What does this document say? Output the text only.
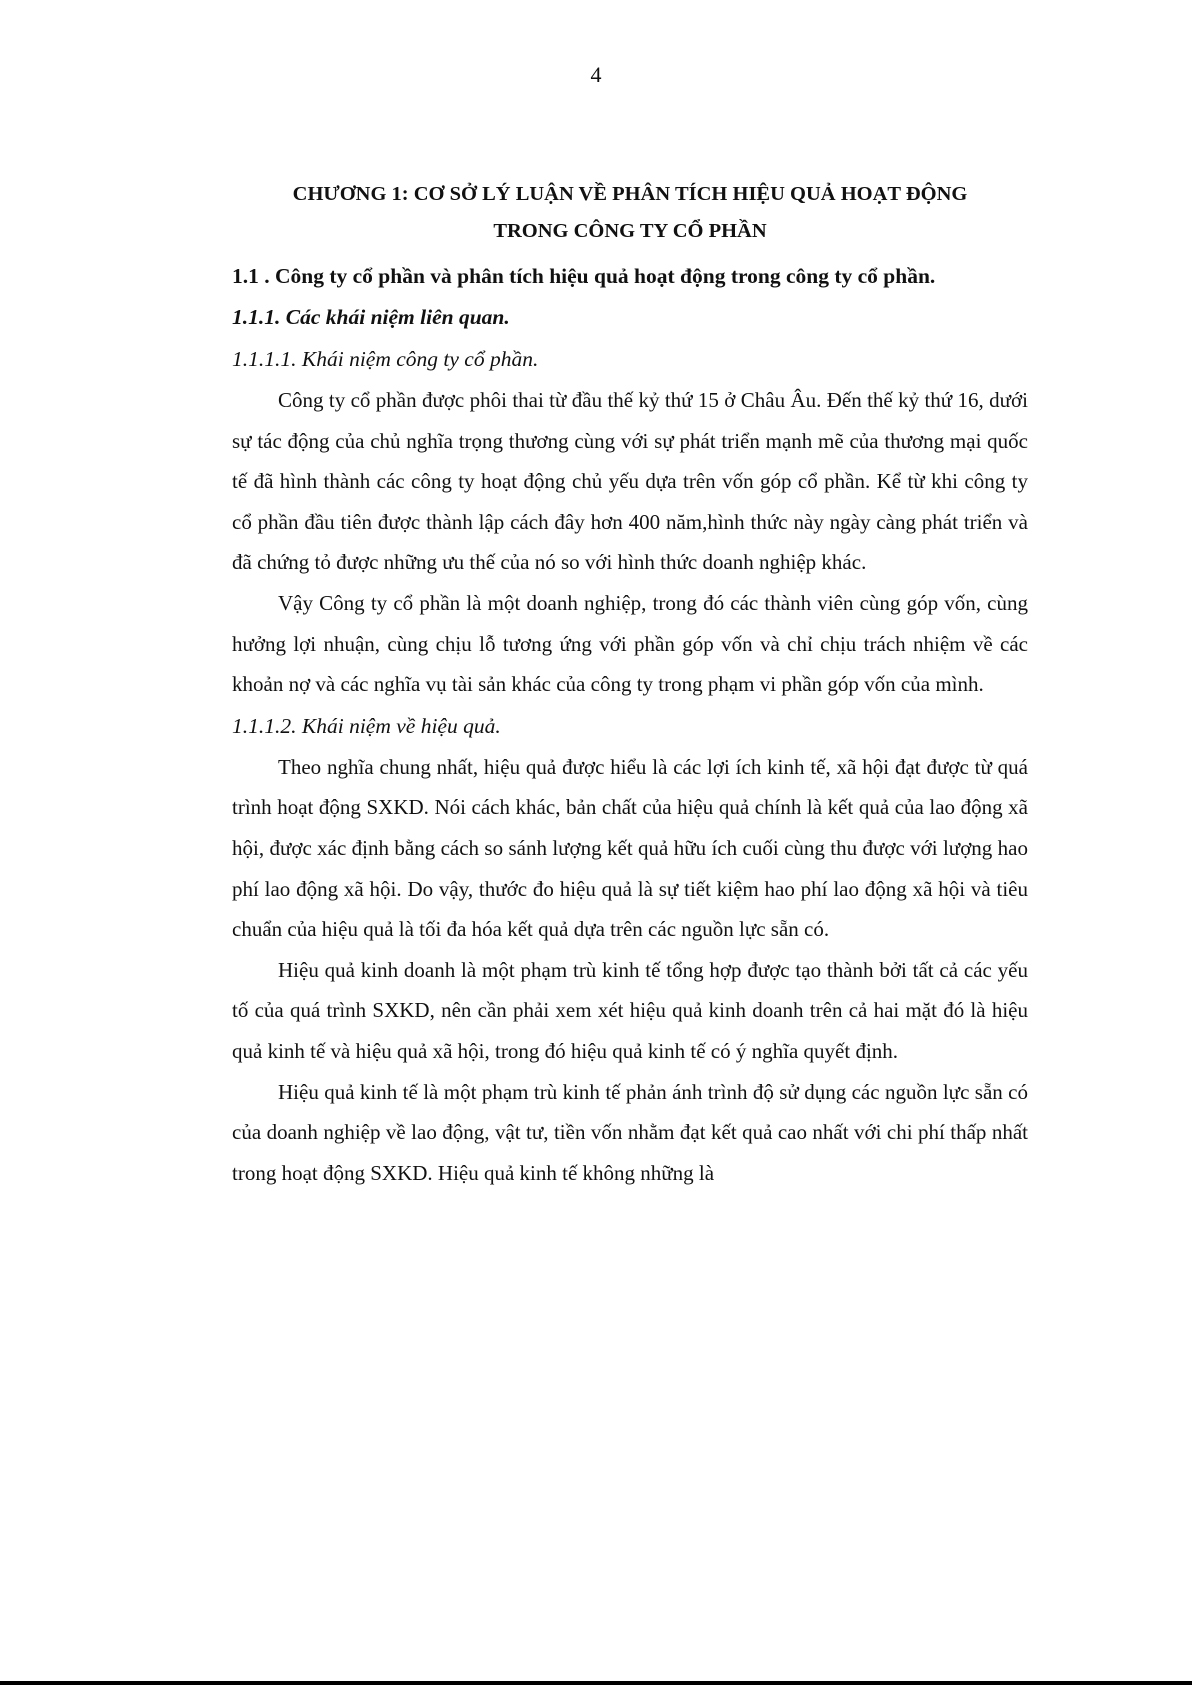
4
CHƯƠNG 1: CƠ SỞ LÝ LUẬN VỀ PHÂN TÍCH HIỆU QUẢ HOẠT ĐỘNG
TRONG CÔNG TY CỔ PHẦN

1.1 . Công ty cổ phần và phân tích hiệu quả hoạt động trong công ty cổ phần.

1.1.1. Các khái niệm liên quan.

1.1.1.1. Khái niệm công ty cổ phần.

Công ty cổ phần được phôi thai từ đầu thế kỷ thứ 15 ở Châu Âu. Đến thế kỷ thứ 16, dưới sự tác động của chủ nghĩa trọng thương cùng với sự phát triển mạnh mẽ của thương mại quốc tế đã hình thành các công ty hoạt động chủ yếu dựa trên vốn góp cổ phần. Kể từ khi công ty cổ phần đầu tiên được thành lập cách đây hơn 400 năm,hình thức này ngày càng phát triển và đã chứng tỏ được những ưu thế của nó so với hình thức doanh nghiệp khác.

Vậy Công ty cổ phần là một doanh nghiệp, trong đó các thành viên cùng góp vốn, cùng hưởng lợi nhuận, cùng chịu lỗ tương ứng với phần góp vốn và chỉ chịu trách nhiệm về các khoản nợ và các nghĩa vụ tài sản khác của công ty trong phạm vi phần góp vốn của mình.

1.1.1.2. Khái niệm về hiệu quả.

Theo nghĩa chung nhất, hiệu quả được hiểu là các lợi ích kinh tế, xã hội đạt được từ quá trình hoạt động SXKD. Nói cách khác, bản chất của hiệu quả chính là kết quả của lao động xã hội, được xác định bằng cách so sánh lượng kết quả hữu ích cuối cùng thu được với lượng hao phí lao động xã hội. Do vậy, thước đo hiệu quả là sự tiết kiệm hao phí lao động xã hội và tiêu chuẩn của hiệu quả là tối đa hóa kết quả dựa trên các nguồn lực sẵn có.

Hiệu quả kinh doanh là một phạm trù kinh tế tổng hợp được tạo thành bởi tất cả các yếu tố của quá trình SXKD, nên cần phải xem xét hiệu quả kinh doanh trên cả hai mặt đó là hiệu quả kinh tế và hiệu quả xã hội, trong đó hiệu quả kinh tế có ý nghĩa quyết định.

Hiệu quả kinh tế là một phạm trù kinh tế phản ánh trình độ sử dụng các nguồn lực sẵn có của doanh nghiệp về lao động, vật tư, tiền vốn nhằm đạt kết quả cao nhất với chi phí thấp nhất trong hoạt động SXKD. Hiệu quả kinh tế không những là
